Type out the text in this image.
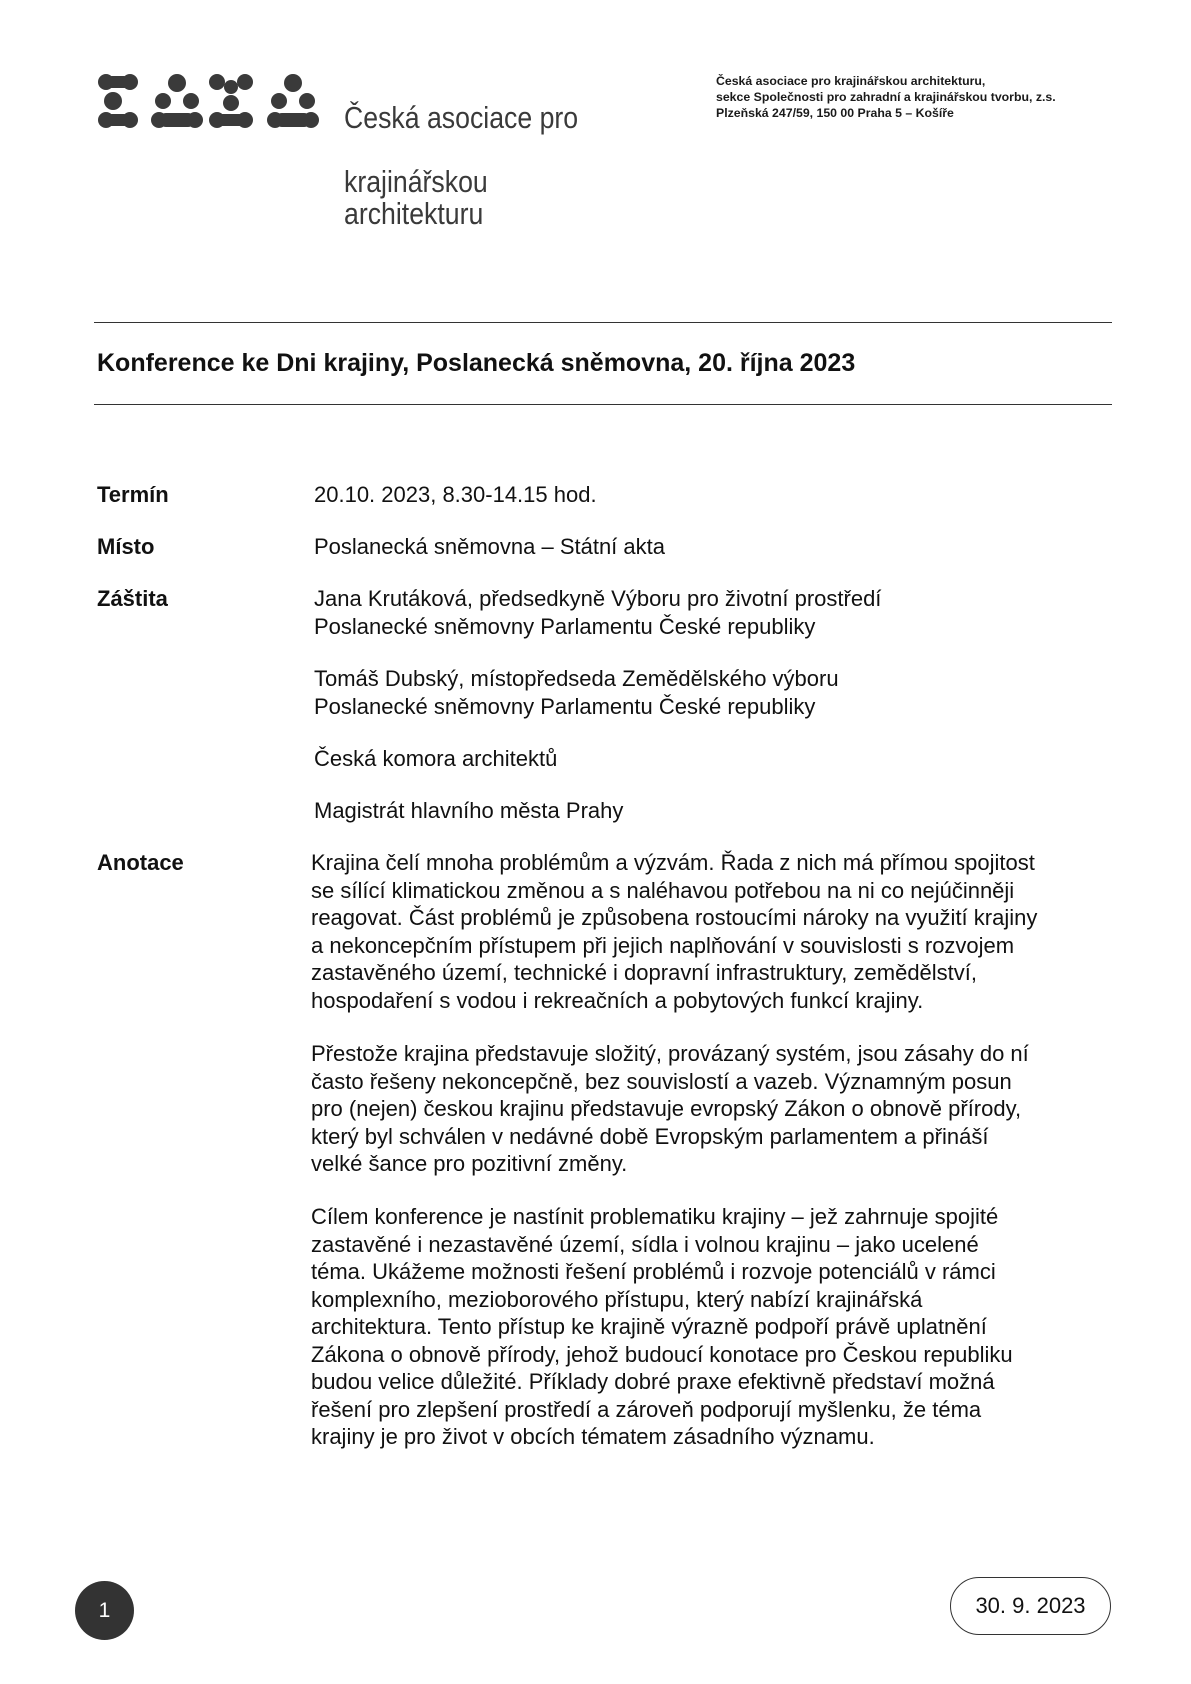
Česká asociace pro

krajinářskou architekturu

Česká asociace pro krajinářskou architekturu,
sekce Společnosti pro zahradní a krajinářskou tvorbu, z.s.
Plzeňská 247/59, 150 00 Praha 5 – Košíře
Konference ke Dni krajiny, Poslanecká sněmovna, 20. října 2023
Termín	20.10. 2023, 8.30-14.15 hod.
Místo	Poslanecká sněmovna – Státní akta
Záštita	Jana Krutáková, předsedkyně Výboru pro životní prostředí
Poslanecké sněmovny Parlamentu České republiky
Tomáš Dubský, místopředseda Zemědělského výboru
Poslanecké sněmovny Parlamentu České republiky
Česká komora architektů
Magistrát hlavního města Prahy
Anotace	Krajina čelí mnoha problémům a výzvám. Řada z nich má přímou spojitost
se sílící klimatickou změnou a s naléhavou potřebou na ni co nejúčinněji
reagovat. Část problémů je způsobena rostoucími nároky na využití krajiny
a nekoncepčním přístupem při jejich naplňování v souvislosti s rozvojem
zastavěného území, technické i dopravní infrastruktury, zemědělství,
hospodaření s vodou i rekreačních a pobytových funkcí krajiny.
Přestože krajina představuje složitý, provázaný systém, jsou zásahy do ní
často řešeny nekoncepčně, bez souvislostí a vazeb. Významným posun
pro (nejen) českou krajinu představuje evropský Zákon o obnově přírody,
který byl schválen v nedávné době Evropským parlamentem a přináší
velké šance pro pozitivní změny.
Cílem konference je nastínit problematiku krajiny – jež zahrnuje spojité
zastavěné i nezastavěné území, sídla i volnou krajinu – jako ucelené
téma. Ukážeme možnosti řešení problémů i rozvoje potenciálů v rámci
komplexního, mezioborového přístupu, který nabízí krajinářská
architektura. Tento přístup ke krajině výrazně podpoří právě uplatnění
Zákona o obnově přírody, jehož budoucí konotace pro Českou republiku
budou velice důležité. Příklady dobré praxe efektivně představí možná
řešení pro zlepšení prostředí a zároveň podporují myšlenku, že téma
krajiny je pro život v obcích tématem zásadního významu.
1	30. 9. 2023
